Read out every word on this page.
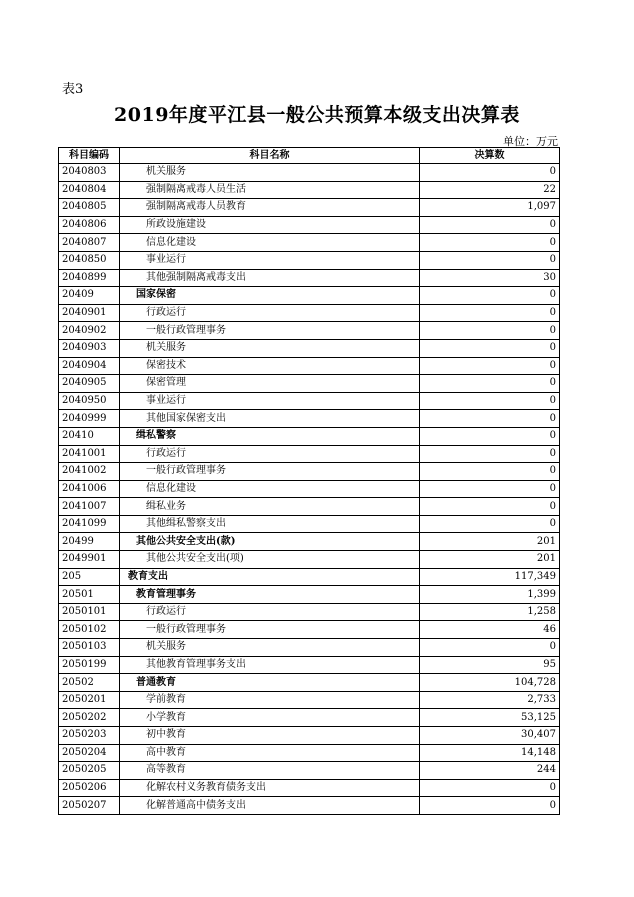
表3
2019年度平江县一般公共预算本级支出决算表
单位：万元
科目编码	科目名称	决算数
2040803	机关服务	0
2040804	强制隔离戒毒人员生活	22
2040805	强制隔离戒毒人员教育	1,097
2040806	所政设施建设	0
2040807	信息化建设	0
2040850	事业运行	0
2040899	其他强制隔离戒毒支出	30
20409	国家保密	0
2040901	行政运行	0
2040902	一般行政管理事务	0
2040903	机关服务	0
2040904	保密技术	0
2040905	保密管理	0
2040950	事业运行	0
2040999	其他国家保密支出	0
20410	缉私警察	0
2041001	行政运行	0
2041002	一般行政管理事务	0
2041006	信息化建设	0
2041007	缉私业务	0
2041099	其他缉私警察支出	0
20499	其他公共安全支出(款)	201
2049901	其他公共安全支出(项)	201
205	教育支出	117,349
20501	教育管理事务	1,399
2050101	行政运行	1,258
2050102	一般行政管理事务	46
2050103	机关服务	0
2050199	其他教育管理事务支出	95
20502	普通教育	104,728
2050201	学前教育	2,733
2050202	小学教育	53,125
2050203	初中教育	30,407
2050204	高中教育	14,148
2050205	高等教育	244
2050206	化解农村义务教育债务支出	0
2050207	化解普通高中债务支出	0
